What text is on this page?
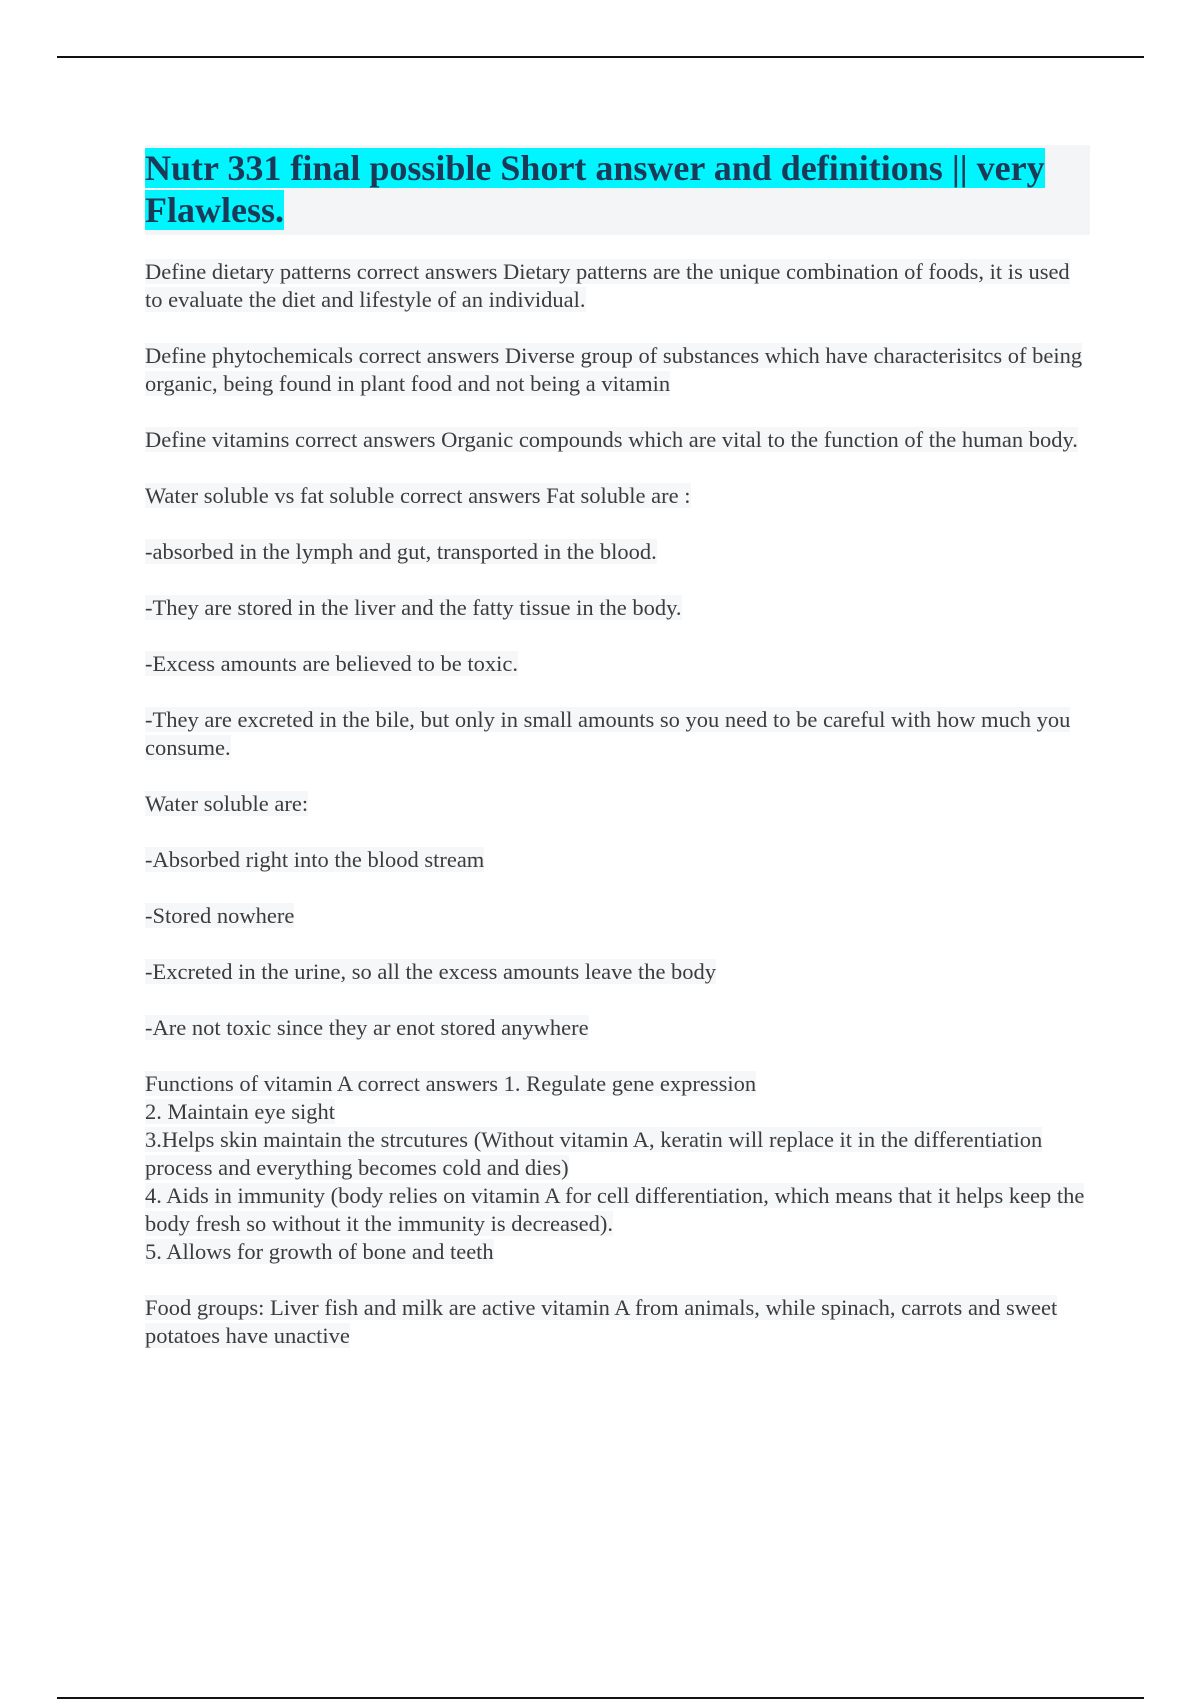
Nutr 331 final possible Short answer and definitions || very Flawless.

Define dietary patterns correct answers Dietary patterns are the unique combination of foods, it is used to evaluate the diet and lifestyle of an individual.

Define phytochemicals correct answers Diverse group of substances which have characterisitcs of being organic, being found in plant food and not being a vitamin

Define vitamins correct answers Organic compounds which are vital to the function of the human body.

Water soluble vs fat soluble correct answers Fat soluble are :

-absorbed in the lymph and gut, transported in the blood.

-They are stored in the liver and the fatty tissue in the body.

-Excess amounts are believed to be toxic.

-They are excreted in the bile, but only in small amounts so you need to be careful with how much you consume.

Water soluble are:

-Absorbed right into the blood stream

-Stored nowhere

-Excreted in the urine, so all the excess amounts leave the body

-Are not toxic since they ar enot stored anywhere

Functions of vitamin A correct answers 1. Regulate gene expression

2. Maintain eye sight

3.Helps skin maintain the strcutures (Without vitamin A, keratin will replace it in the differentiation process and everything becomes cold and dies)

4. Aids in immunity (body relies on vitamin A for cell differentiation, which means that it helps keep the body fresh so without it the immunity is decreased).

5. Allows for growth of bone and teeth

Food groups: Liver fish and milk are active vitamin A from animals, while spinach, carrots and sweet potatoes have unactive
